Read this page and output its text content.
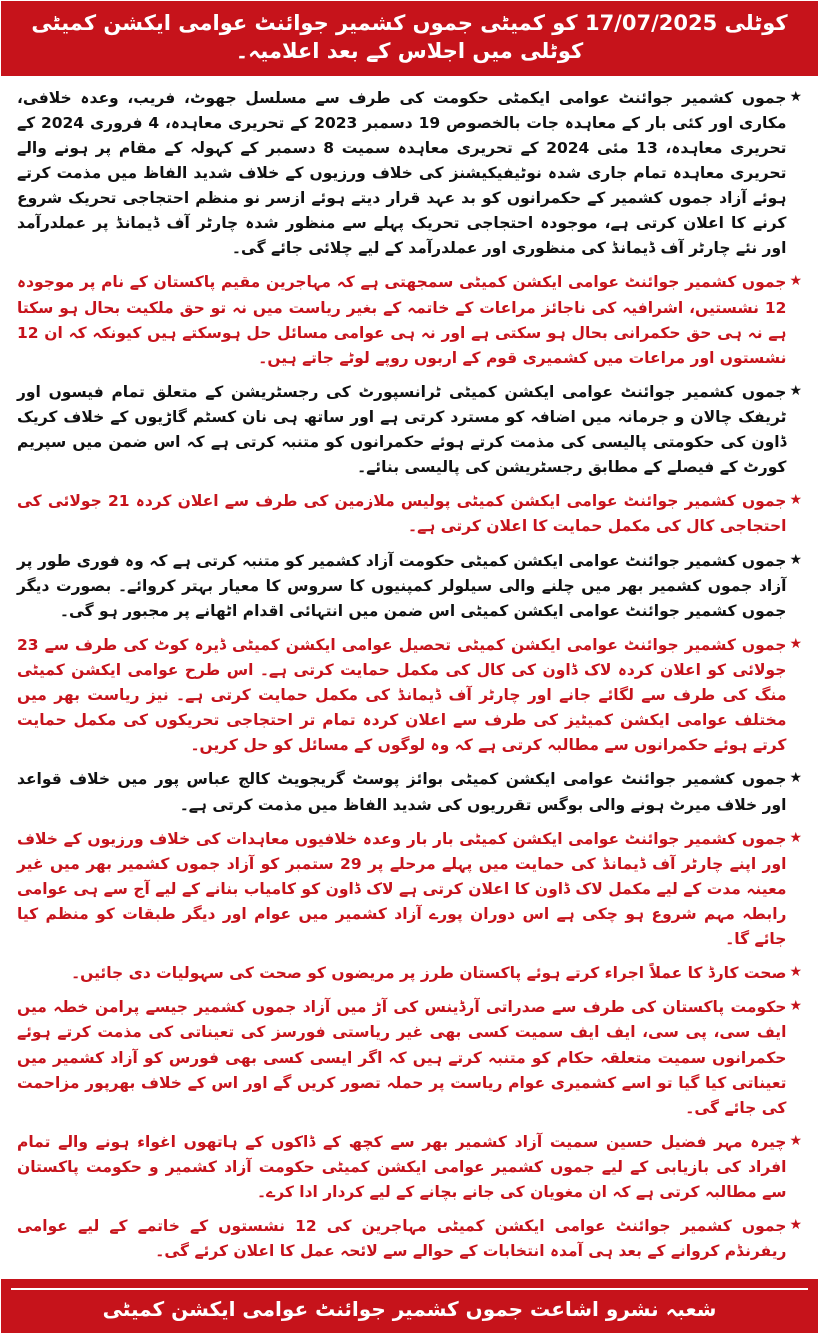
کوٹلی 17/07/2025 کو کمیٹی جموں کشمیر جوائنٹ عوامی ایکشن کمیٹی کوٹلی میں اجلاس کے بعد اعلامیہ۔
★
جموں کشمیر جوائنٹ عوامی ایکمٹی حکومت کی طرف سے مسلسل جھوٹ، فریب، وعدہ خلافی، مکاری اور کئی بار کے معاہدہ جات بالخصوص 19 دسمبر 2023 کے تحریری معاہدہ، 4 فروری 2024 کے تحریری معاہدہ، 13 مئی 2024 کے تحریری معاہدہ سمیت 8 دسمبر کے کہولہ کے مقام پر ہونے والے تحریری معاہدہ تمام جاری شدہ نوٹیفیکیشنز کی خلاف ورزیوں کے خلاف شدید الفاظ میں مذمت کرتے ہوئے آزاد جموں کشمیر کے حکمرانوں کو بد عہد قرار دیتے ہوئے ازسر نو منظم احتجاجی تحریک شروع کرنے کا اعلان کرتی ہے، موجودہ احتجاجی تحریک پہلے سے منظور شدہ چارٹر آف ڈیمانڈ پر عملدرآمد اور نئے چارٹر آف ڈیمانڈ کی منظوری اور عملدرآمد کے لیے چلائی جائے گی۔
★
جموں کشمیر جوائنٹ عوامی ایکشن کمیٹی سمجھتی ہے کہ مہاجرین مقیم پاکستان کے نام پر موجودہ 12 نشستیں، اشرافیہ کی ناجائز مراعات کے خاتمہ کے بغیر ریاست میں نہ تو حق ملکیت بحال ہو سکتا ہے نہ ہی حق حکمرانی بحال ہو سکتی ہے اور نہ ہی عوامی مسائل حل ہوسکتے ہیں کیونکہ کہ ان 12 نشستوں اور مراعات میں کشمیری قوم کے اربوں روپے لوٹے جاتے ہیں۔
★
جموں کشمیر جوائنٹ عوامی ایکشن کمیٹی ٹرانسپورٹ کی رجسٹریشن کے متعلق تمام فیسوں اور ٹریفک چالان و جرمانہ میں اضافہ کو مسترد کرتی ہے اور ساتھ ہی نان کسٹم گاڑیوں کے خلاف کریک ڈاون کی حکومتی پالیسی کی مذمت کرتے ہوئے حکمرانوں کو متنبہ کرتی ہے کہ اس ضمن میں سپریم کورٹ کے فیصلے کے مطابق رجسٹریشن کی پالیسی بنائے۔
★
جموں کشمیر جوائنٹ عوامی ایکشن کمیٹی پولیس ملازمین کی طرف سے اعلان کردہ 21 جولائی کی احتجاجی کال کی مکمل حمایت کا اعلان کرتی ہے۔
★
جموں کشمیر جوائنٹ عوامی ایکشن کمیٹی حکومت آزاد کشمیر کو متنبہ کرتی ہے کہ وہ فوری طور پر آزاد جموں کشمیر بھر میں چلنے والی سیلولر کمپنیوں کا سروس کا معیار بہتر کروائے۔ بصورت دیگر جموں کشمیر جوائنٹ عوامی ایکشن کمیٹی اس ضمن میں انتہائی اقدام اٹھانے پر مجبور ہو گی۔
★
جموں کشمیر جوائنٹ عوامی ایکشن کمیٹی تحصیل عوامی ایکشن کمیٹی ڈیرہ کوٹ کی طرف سے 23 جولائی کو اعلان کردہ لاک ڈاون کی کال کی مکمل حمایت کرتی ہے۔ اس طرح عوامی ایکشن کمیٹی منگ کی طرف سے لگائے جانے اور چارٹر آف ڈیمانڈ کی مکمل حمایت کرتی ہے۔ نیز ریاست بھر میں مختلف عوامی ایکشن کمیٹیز کی طرف سے اعلان کردہ تمام تر احتجاجی تحریکوں کی مکمل حمایت کرتے ہوئے حکمرانوں سے مطالبہ کرتی ہے کہ وہ لوگوں کے مسائل کو حل کریں۔
★
جموں کشمیر جوائنٹ عوامی ایکشن کمیٹی بوائز پوسٹ گریجویٹ کالج عباس پور میں خلاف قواعد اور خلاف میرٹ ہونے والی بوگس تقرریوں کی شدید الفاظ میں مذمت کرتی ہے۔
★
جموں کشمیر جوائنٹ عوامی ایکشن کمیٹی بار بار وعدہ خلافیوں معاہدات کی خلاف ورزیوں کے خلاف اور اپنے چارٹر آف ڈیمانڈ کی حمایت میں پہلے مرحلے پر 29 ستمبر کو آزاد جموں کشمیر بھر میں غیر معینہ مدت کے لیے مکمل لاک ڈاون کا اعلان کرتی ہے لاک ڈاون کو کامیاب بنانے کے لیے آج سے ہی عوامی رابطہ مہم شروع ہو چکی ہے اس دوران پورے آزاد کشمیر میں عوام اور دیگر طبقات کو منظم کیا جائے گا۔
★
صحت کارڈ کا عملاً اجراء کرتے ہوئے پاکستان طرز پر مریضوں کو صحت کی سہولیات دی جائیں۔
★
حکومت پاکستان کی طرف سے صدراتی آرڈینس کی آڑ میں آزاد جموں کشمیر جیسے پرامن خطہ میں ایف سی، پی سی، ایف ایف سمیت کسی بھی غیر ریاستی فورسز کی تعیناتی کی مذمت کرتے ہوئے حکمرانوں سمیت متعلقہ حکام کو متنبہ کرتے ہیں کہ اگر ایسی کسی بھی فورس کو آزاد کشمیر میں تعیناتی کیا گیا تو اسے کشمیری عوام ریاست پر حملہ تصور کریں گے اور اس کے خلاف بھرپور مزاحمت کی جائے گی۔
★
چیرہ مہر فضیل حسین سمیت آزاد کشمیر بھر سے کچھ کے ڈاکوں کے ہاتھوں اغواء ہونے والے تمام افراد کی بازیابی کے لیے جموں کشمیر عوامی ایکشن کمیٹی حکومت آزاد کشمیر و حکومت پاکستان سے مطالبہ کرتی ہے کہ ان مغویان کی جانے بچانے کے لیے کردار ادا کرے۔
★
جموں کشمیر جوائنٹ عوامی ایکشن کمیٹی مہاجرین کی 12 نشستوں کے خاتمے کے لیے عوامی ریفرنڈم کروانے کے بعد ہی آمدہ انتخابات کے حوالے سے لائحہ عمل کا اعلان کرئے گی۔
شعبہ نشرو اشاعت جموں کشمیر جوائنٹ عوامی ایکشن کمیٹی
